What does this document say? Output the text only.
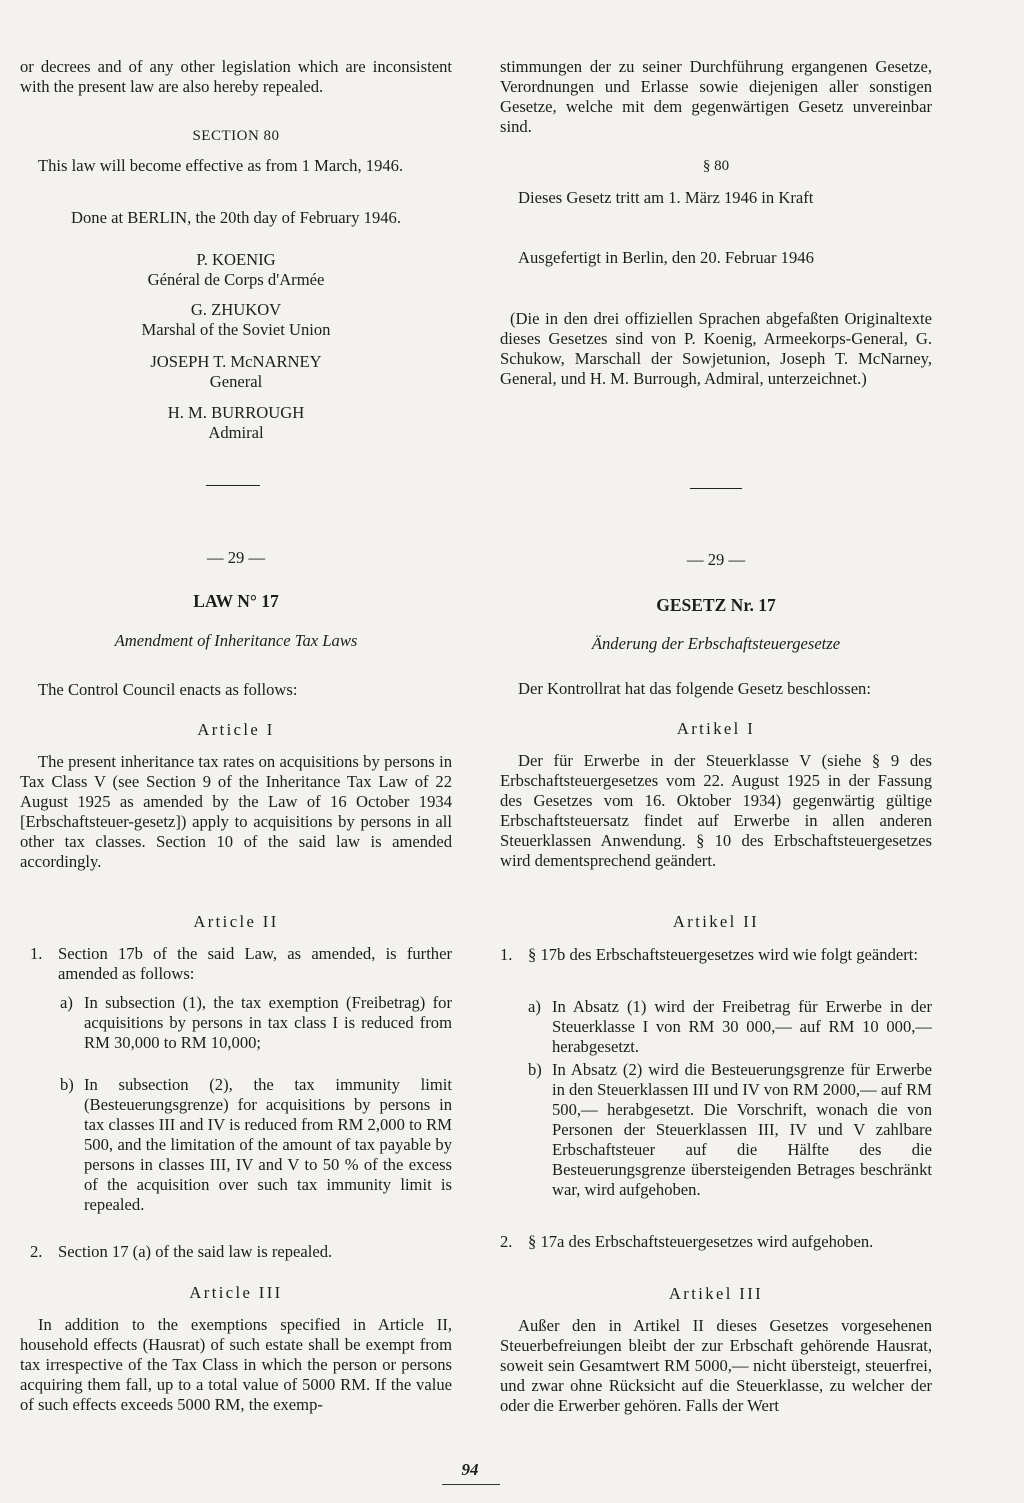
or decrees and of any other legislation which are inconsistent with the present law are also hereby repealed.

SECTION 80

This law will become effective as from 1 March, 1946.

Done at BERLIN, the 20th day of February 1946.

P. KOENIG
Général de Corps d'Armée
G. ZHUKOV
Marshal of the Soviet Union
JOSEPH T. McNARNEY
General
H. M. BURROUGH
Admiral
— 29 —
LAW N° 17
Amendment of Inheritance Tax Laws

The Control Council enacts as follows:

Article I

The present inheritance tax rates on acquisitions by persons in Tax Class V (see Section 9 of the Inheritance Tax Law of 22 August 1925 as amended by the Law of 16 October 1934 [Erbschaftsteuer-gesetz]) apply to acquisitions by persons in all other tax classes. Section 10 of the said law is amended accordingly.

Article II
1. Section 17b of the said Law, as amended, is further amended as follows:
a) In subsection (1), the tax exemption (Freibetrag) for acquisitions by persons in tax class I is reduced from RM 30,000 to RM 10,000;
b) In subsection (2), the tax immunity limit (Besteuerungsgrenze) for acquisitions by persons in tax classes III and IV is reduced from RM 2,000 to RM 500, and the limitation of the amount of tax payable by persons in classes III, IV and V to 50 % of the excess of the acquisition over such tax immunity limit is repealed.
2. Section 17 (a) of the said law is repealed.
Article III

In addition to the exemptions specified in Article II, household effects (Hausrat) of such estate shall be exempt from tax irrespective of the Tax Class in which the person or persons acquiring them fall, up to a total value of 5000 RM. If the value of such effects exceeds 5000 RM, the exemp-

stimmungen der zu seiner Durchführung ergangenen Gesetze, Verordnungen und Erlasse sowie diejenigen aller sonstigen Gesetze, welche mit dem gegenwärtigen Gesetz unvereinbar sind.

§ 80

Dieses Gesetz tritt am 1. März 1946 in Kraft

Ausgefertigt in Berlin, den 20. Februar 1946

(Die in den drei offiziellen Sprachen abgefaßten Originaltexte dieses Gesetzes sind von P. Koenig, Armeekorps-General, G. Schukow, Marschall der Sowjetunion, Joseph T. McNarney, General, und H. M. Burrough, Admiral, unterzeichnet.)

— 29 —
GESETZ Nr. 17
Änderung der Erbschaftsteuergesetze

Der Kontrollrat hat das folgende Gesetz beschlossen:

Artikel I

Der für Erwerbe in der Steuerklasse V (siehe § 9 des Erbschaftsteuergesetzes vom 22. August 1925 in der Fassung des Gesetzes vom 16. Oktober 1934) gegenwärtig gültige Erbschaftsteuersatz findet auf Erwerbe in allen anderen Steuerklassen Anwendung. § 10 des Erbschaftsteuergesetzes wird dementsprechend geändert.

Artikel II
1. § 17b des Erbschaftsteuergesetzes wird wie folgt geändert:
a) In Absatz (1) wird der Freibetrag für Erwerbe in der Steuerklasse I von RM 30 000,— auf RM 10 000,— herabgesetzt.
b) In Absatz (2) wird die Besteuerungsgrenze für Erwerbe in den Steuerklassen III und IV von RM 2000,— auf RM 500,— herabgesetzt. Die Vorschrift, wonach die von Personen der Steuerklassen III, IV und V zahlbare Erbschaftsteuer auf die Hälfte des die Besteuerungsgrenze übersteigenden Betrages beschränkt war, wird aufgehoben.
2. § 17a des Erbschaftsteuergesetzes wird aufgehoben.
Artikel III

Außer den in Artikel II dieses Gesetzes vorgesehenen Steuerbefreiungen bleibt der zur Erbschaft gehörende Hausrat, soweit sein Gesamtwert RM 5000,— nicht übersteigt, steuerfrei, und zwar ohne Rücksicht auf die Steuerklasse, zu welcher der oder die Erwerber gehören. Falls der Wert

94
